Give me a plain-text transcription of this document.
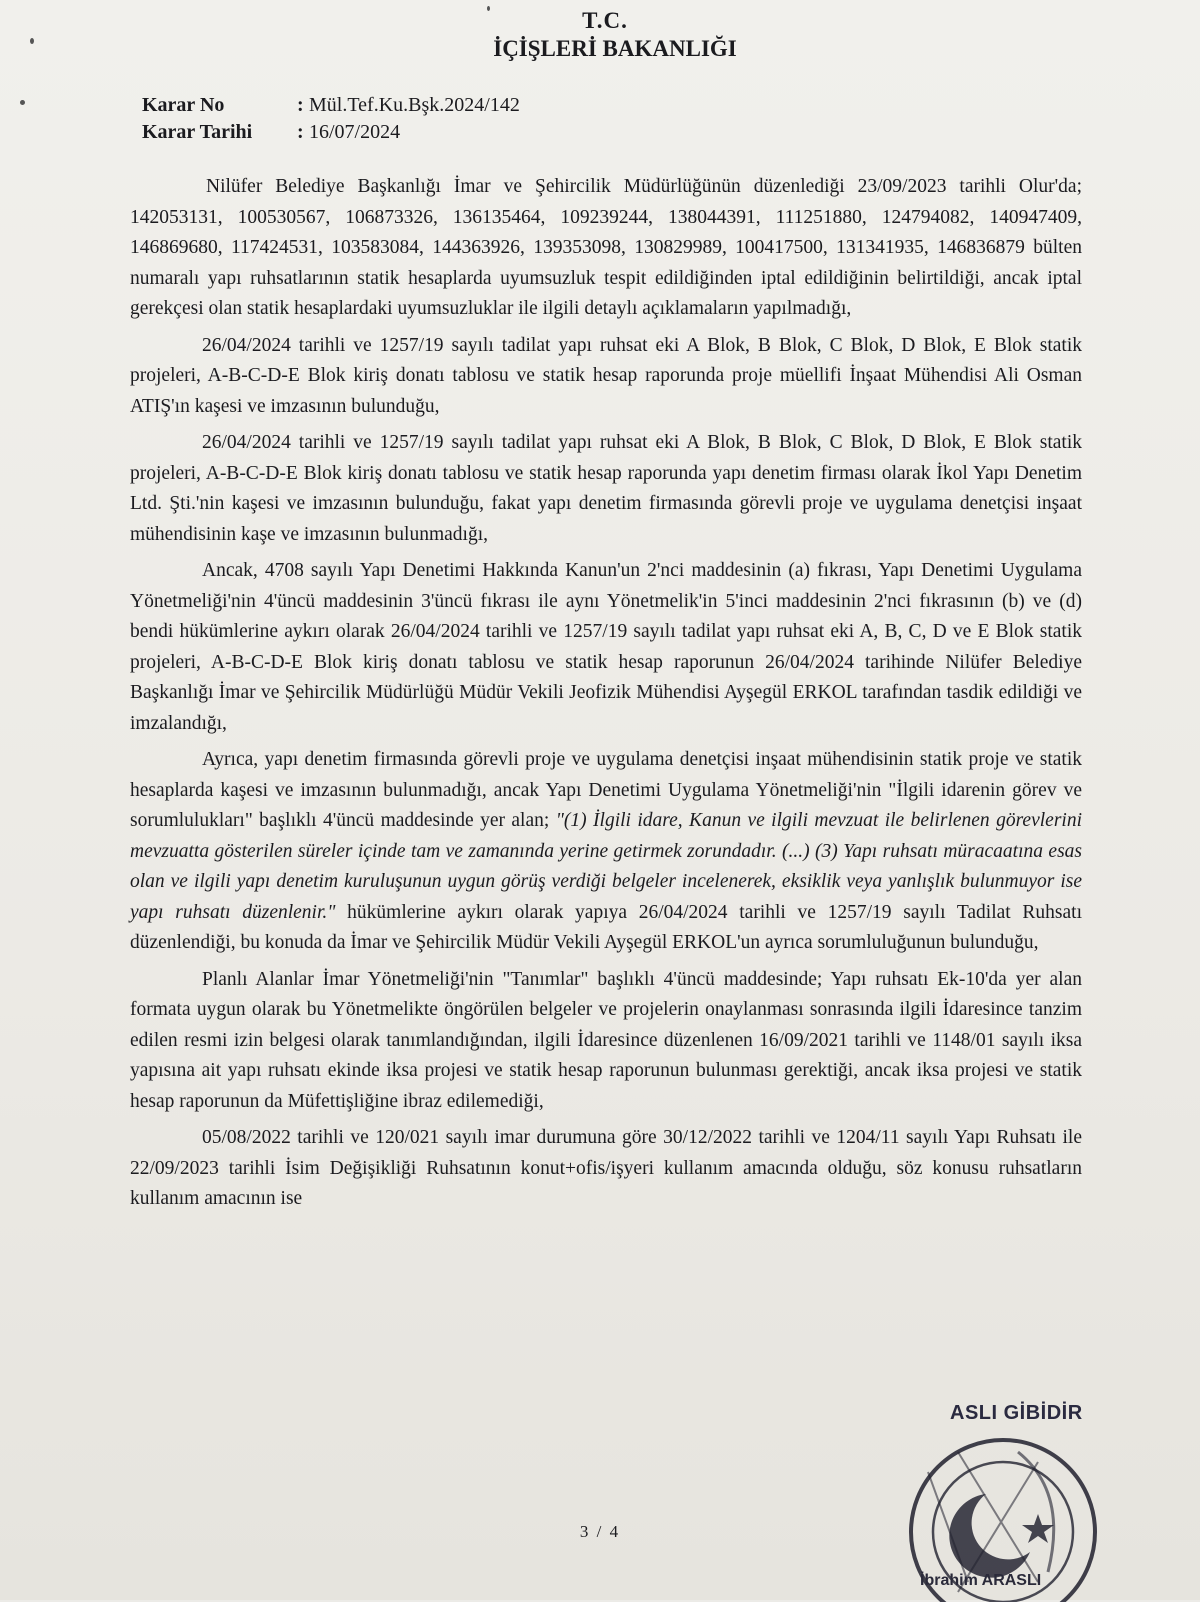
T.C.
İÇİŞLERİ BAKANLIĞI
Karar No	: Mül.Tef.Ku.Bşk.2024/142
Karar Tarihi	: 16/07/2024

Nilüfer Belediye Başkanlığı İmar ve Şehircilik Müdürlüğünün düzenlediği 23/09/2023 tarihli Olur'da; 142053131, 100530567, 106873326, 136135464, 109239244, 138044391, 111251880, 124794082, 140947409, 146869680, 117424531, 103583084, 144363926, 139353098, 130829989, 100417500, 131341935, 146836879 bülten numaralı yapı ruhsatlarının statik hesaplarda uyumsuzluk tespit edildiğinden iptal edildiğinin belirtildiği, ancak iptal gerekçesi olan statik hesaplardaki uyumsuzluklar ile ilgili detaylı açıklamaların yapılmadığı,

26/04/2024 tarihli ve 1257/19 sayılı tadilat yapı ruhsat eki A Blok, B Blok, C Blok, D Blok, E Blok statik projeleri, A-B-C-D-E Blok kiriş donatı tablosu ve statik hesap raporunda proje müellifi İnşaat Mühendisi Ali Osman ATIŞ'ın kaşesi ve imzasının bulunduğu,

26/04/2024 tarihli ve 1257/19 sayılı tadilat yapı ruhsat eki A Blok, B Blok, C Blok, D Blok, E Blok statik projeleri, A-B-C-D-E Blok kiriş donatı tablosu ve statik hesap raporunda yapı denetim firması olarak İkol Yapı Denetim Ltd. Şti.'nin kaşesi ve imzasının bulunduğu, fakat yapı denetim firmasında görevli proje ve uygulama denetçisi inşaat mühendisinin kaşe ve imzasının bulunmadığı,

Ancak, 4708 sayılı Yapı Denetimi Hakkında Kanun'un 2'nci maddesinin (a) fıkrası, Yapı Denetimi Uygulama Yönetmeliği'nin 4'üncü maddesinin 3'üncü fıkrası ile aynı Yönetmelik'in 5'inci maddesinin 2'nci fıkrasının (b) ve (d) bendi hükümlerine aykırı olarak 26/04/2024 tarihli ve 1257/19 sayılı tadilat yapı ruhsat eki A, B, C, D ve E Blok statik projeleri, A-B-C-D-E Blok kiriş donatı tablosu ve statik hesap raporunun 26/04/2024 tarihinde Nilüfer Belediye Başkanlığı İmar ve Şehircilik Müdürlüğü Müdür Vekili Jeofizik Mühendisi Ayşegül ERKOL tarafından tasdik edildiği ve imzalandığı,

Ayrıca, yapı denetim firmasında görevli proje ve uygulama denetçisi inşaat mühendisinin statik proje ve statik hesaplarda kaşesi ve imzasının bulunmadığı, ancak Yapı Denetimi Uygulama Yönetmeliği'nin "İlgili idarenin görev ve sorumlulukları" başlıklı 4'üncü maddesinde yer alan; "(1) İlgili idare, Kanun ve ilgili mevzuat ile belirlenen görevlerini mevzuatta gösterilen süreler içinde tam ve zamanında yerine getirmek zorundadır. (...) (3) Yapı ruhsatı müracaatına esas olan ve ilgili yapı denetim kuruluşunun uygun görüş verdiği belgeler incelenerek, eksiklik veya yanlışlık bulunmuyor ise yapı ruhsatı düzenlenir." hükümlerine aykırı olarak yapıya 26/04/2024 tarihli ve 1257/19 sayılı Tadilat Ruhsatı düzenlendiği, bu konuda da İmar ve Şehircilik Müdür Vekili Ayşegül ERKOL'un ayrıca sorumluluğunun bulunduğu,

Planlı Alanlar İmar Yönetmeliği'nin "Tanımlar" başlıklı 4'üncü maddesinde; Yapı ruhsatı Ek-10'da yer alan formata uygun olarak bu Yönetmelikte öngörülen belgeler ve projelerin onaylanması sonrasında ilgili İdaresince tanzim edilen resmi izin belgesi olarak tanımlandığından, ilgili İdaresince düzenlenen 16/09/2021 tarihli ve 1148/01 sayılı iksa yapısına ait yapı ruhsatı ekinde iksa projesi ve statik hesap raporunun bulunması gerektiği, ancak iksa projesi ve statik hesap raporunun da Müfettişliğine ibraz edilemediği,

05/08/2022 tarihli ve 120/021 sayılı imar durumuna göre 30/12/2022 tarihli ve 1204/11 sayılı Yapı Ruhsatı ile 22/09/2023 tarihli İsim Değişikliği Ruhsatının konut+ofis/işyeri kullanım amacında olduğu, söz konusu ruhsatların kullanım amacının ise

ASLI GİBİDİR
İbrahim ARASLI
3 / 4
